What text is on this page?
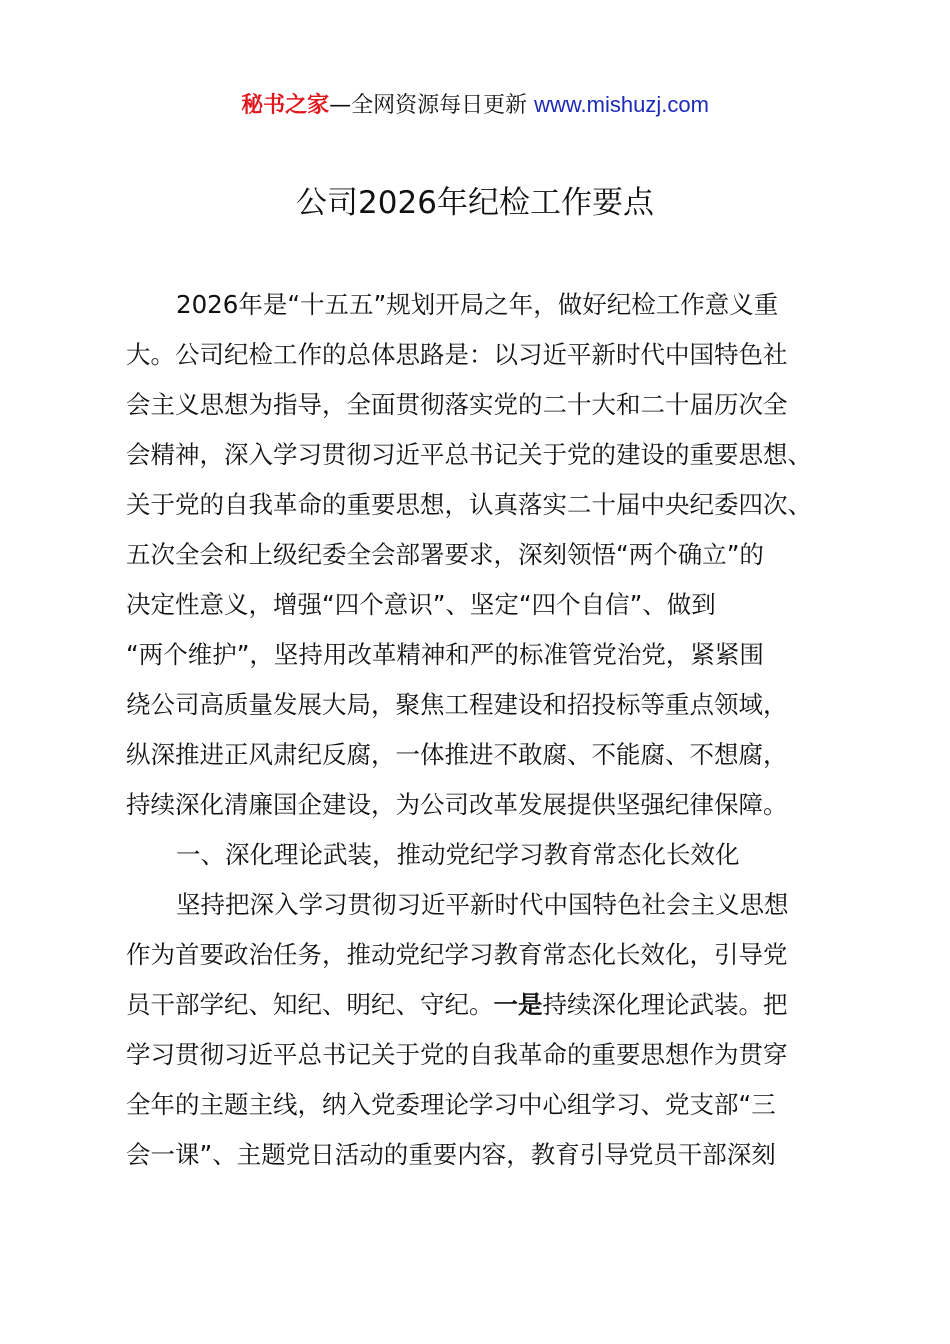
秘书之家—全网资源每日更新 www.mishuzj.com
公司2026年纪检工作要点
2026年是“十五五”规划开局之年，做好纪检工作意义重
大。公司纪检工作的总体思路是：以习近平新时代中国特色社
会主义思想为指导，全面贯彻落实党的二十大和二十届历次全
会精神，深入学习贯彻习近平总书记关于党的建设的重要思想、
关于党的自我革命的重要思想，认真落实二十届中央纪委四次、
五次全会和上级纪委全会部署要求，深刻领悟“两个确立”的
决定性意义，增强“四个意识”、坚定“四个自信”、做到
“两个维护”，坚持用改革精神和严的标准管党治党，紧紧围
绕公司高质量发展大局，聚焦工程建设和招投标等重点领域，
纵深推进正风肃纪反腐，一体推进不敢腐、不能腐、不想腐，
持续深化清廉国企建设，为公司改革发展提供坚强纪律保障。
一、深化理论武装，推动党纪学习教育常态化长效化
坚持把深入学习贯彻习近平新时代中国特色社会主义思想
作为首要政治任务，推动党纪学习教育常态化长效化，引导党
员干部学纪、知纪、明纪、守纪。一是持续深化理论武装。把
学习贯彻习近平总书记关于党的自我革命的重要思想作为贯穿
全年的主题主线，纳入党委理论学习中心组学习、党支部“三
会一课”、主题党日活动的重要内容，教育引导党员干部深刻
